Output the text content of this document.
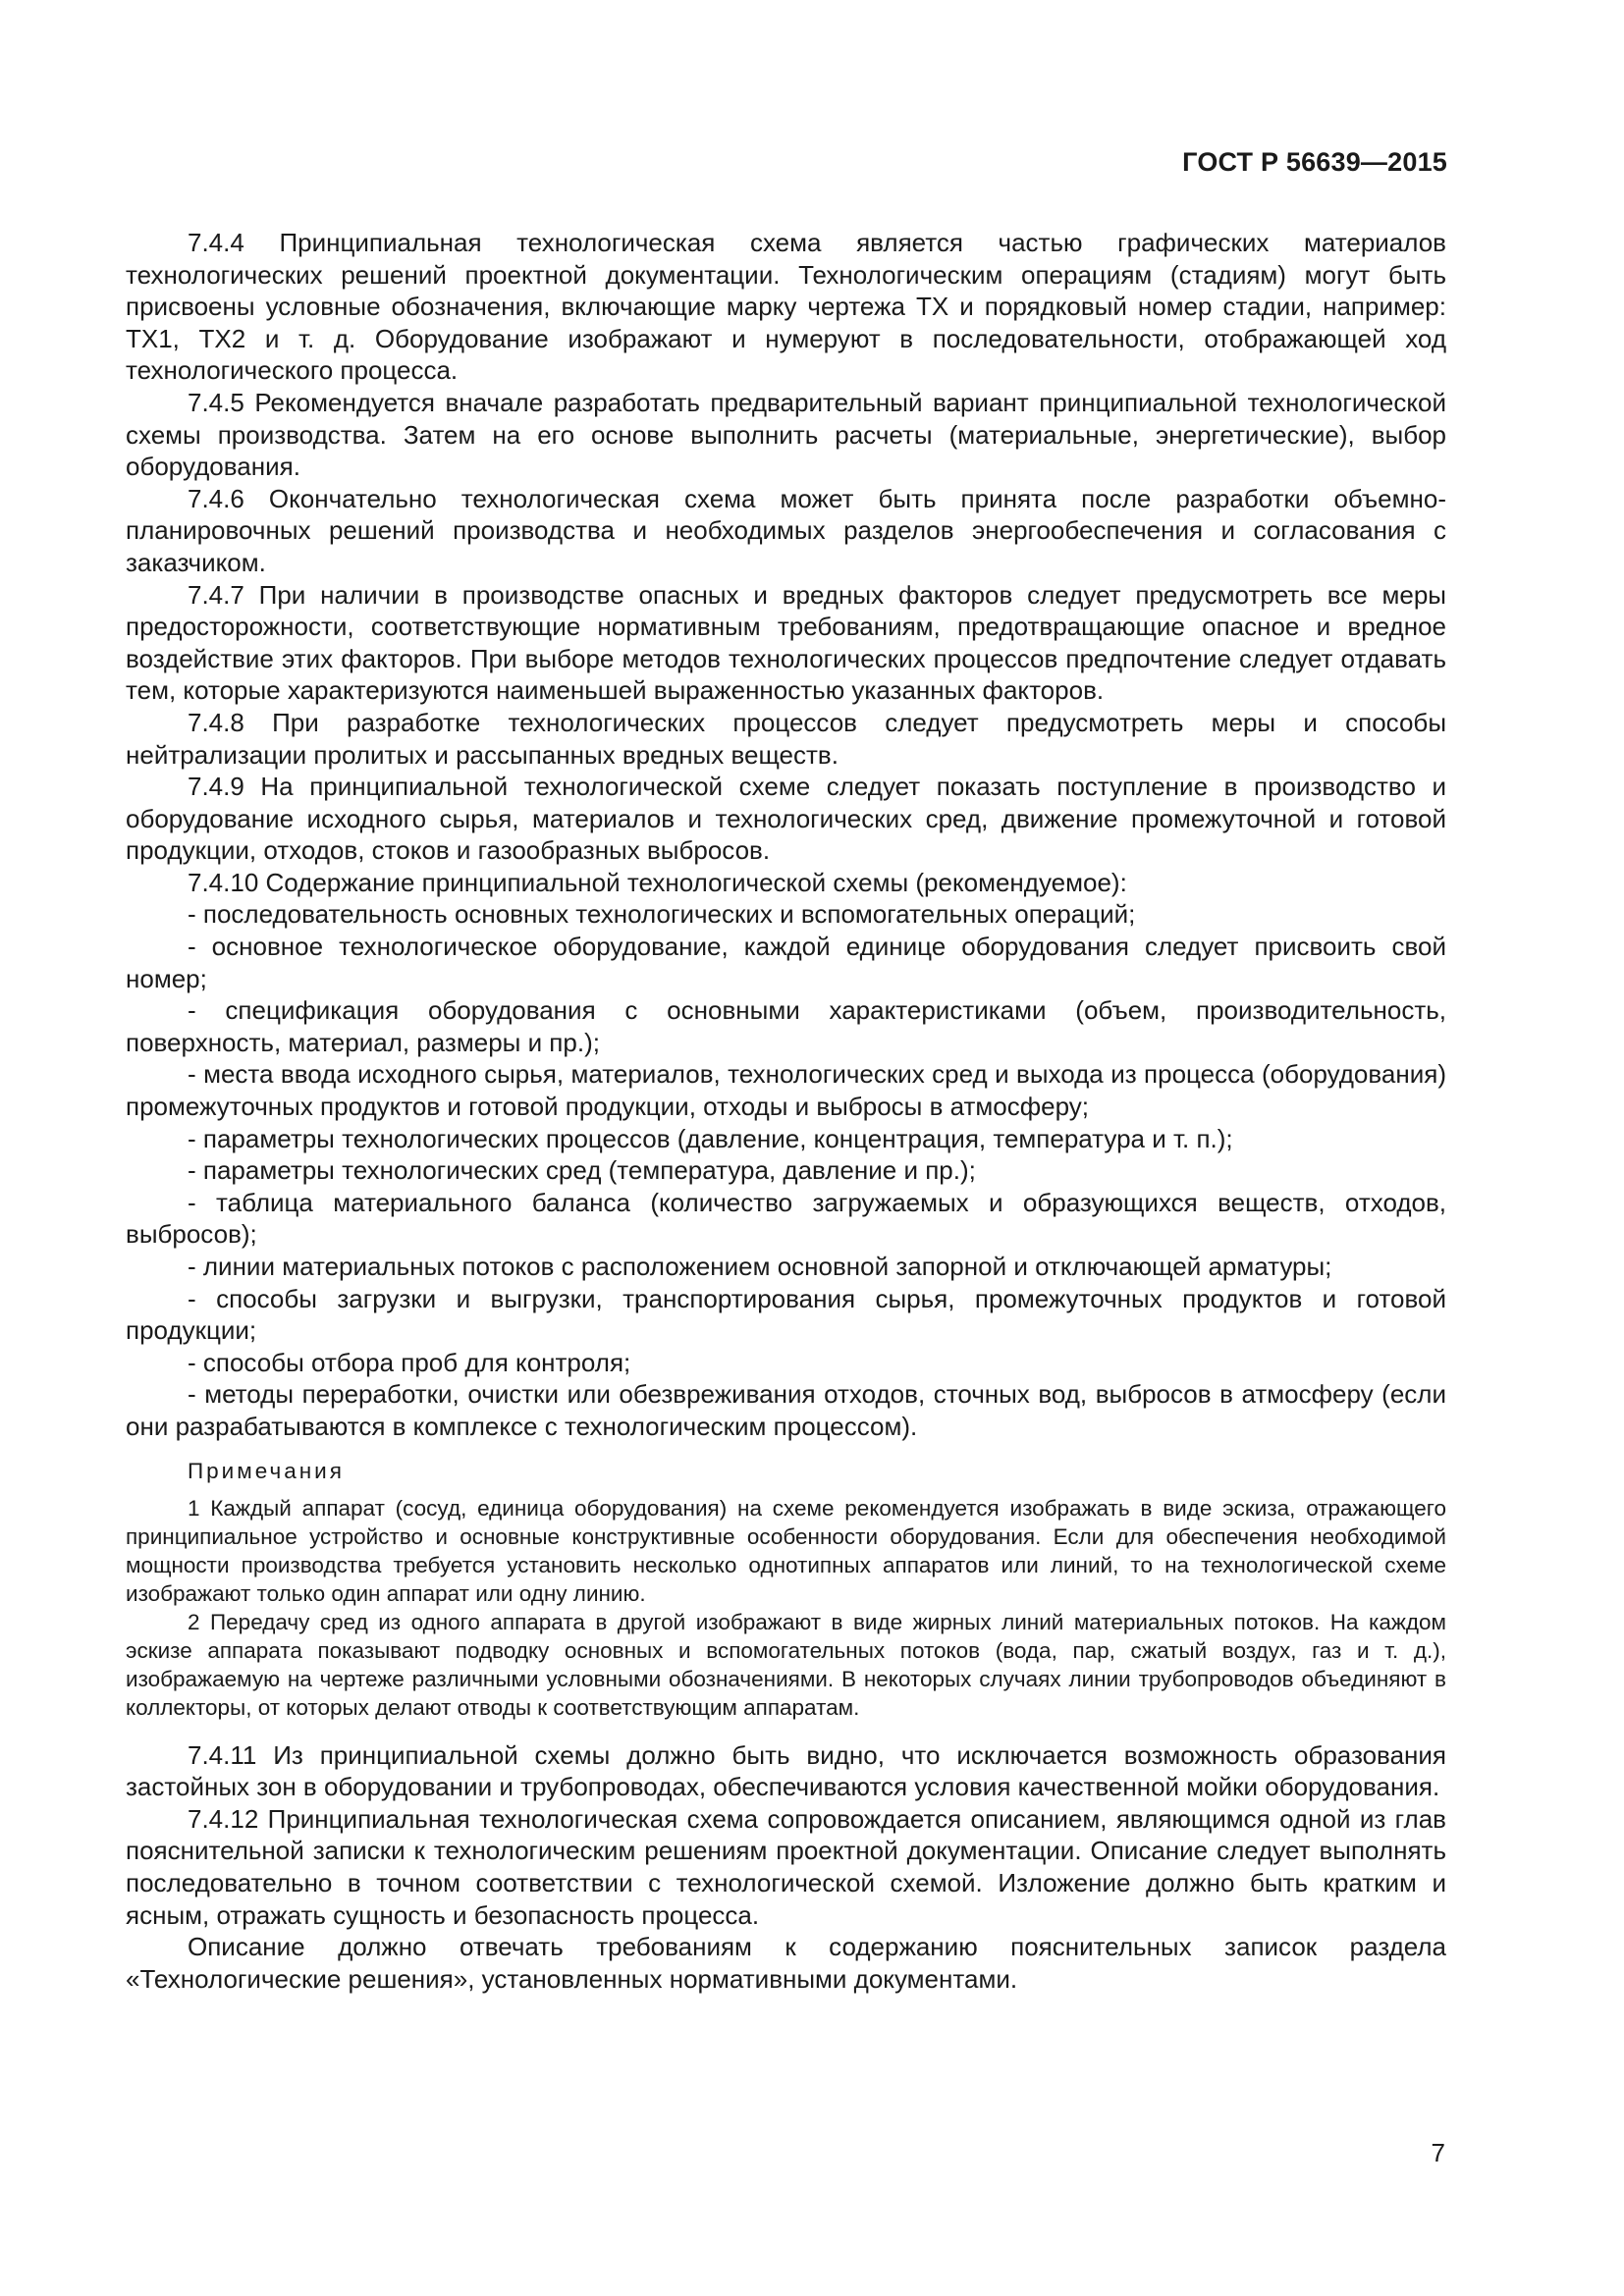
ГОСТ Р 56639—2015

7.4.4 Принципиальная технологическая схема является частью графических материалов технологических решений проектной документации. Технологическим операциям (стадиям) могут быть присвоены условные обозначения, включающие марку чертежа ТХ и порядковый номер стадии, например: ТХ1, ТХ2 и т. д. Оборудование изображают и нумеруют в последовательности, отображающей ход технологического процесса.

7.4.5 Рекомендуется вначале разработать предварительный вариант принципиальной технологической схемы производства. Затем на его основе выполнить расчеты (материальные, энергетические), выбор оборудования.

7.4.6 Окончательно технологическая схема может быть принята после разработки объемно-планировочных решений производства и необходимых разделов энергообеспечения и согласования с заказчиком.

7.4.7 При наличии в производстве опасных и вредных факторов следует предусмотреть все меры предосторожности, соответствующие нормативным требованиям, предотвращающие опасное и вредное воздействие этих факторов. При выборе методов технологических процессов предпочтение следует отдавать тем, которые характеризуются наименьшей выраженностью указанных факторов.

7.4.8 При разработке технологических процессов следует предусмотреть меры и способы нейтрализации пролитых и рассыпанных вредных веществ.

7.4.9 На принципиальной технологической схеме следует показать поступление в производство и оборудование исходного сырья, материалов и технологических сред, движение промежуточной и готовой продукции, отходов, стоков и газообразных выбросов.

7.4.10 Содержание принципиальной технологической схемы (рекомендуемое):

- последовательность основных технологических и вспомогательных операций;

- основное технологическое оборудование, каждой единице оборудования следует присвоить свой номер;

- спецификация оборудования с основными характеристиками (объем, производительность, поверхность, материал, размеры и пр.);

- места ввода исходного сырья, материалов, технологических сред и выхода из процесса (оборудования) промежуточных продуктов и готовой продукции, отходы и выбросы в атмосферу;

- параметры технологических процессов (давление, концентрация, температура и т. п.);

- параметры технологических сред (температура, давление и пр.);

- таблица материального баланса (количество загружаемых и образующихся веществ, отходов, выбросов);

- линии материальных потоков с расположением основной запорной и отключающей арматуры;

- способы загрузки и выгрузки, транспортирования сырья, промежуточных продуктов и готовой продукции;

- способы отбора проб для контроля;

- методы переработки, очистки или обезвреживания отходов, сточных вод, выбросов в атмосферу (если они разрабатываются в комплексе с технологическим процессом).

Примечания

1 Каждый аппарат (сосуд, единица оборудования) на схеме рекомендуется изображать в виде эскиза, отражающего принципиальное устройство и основные конструктивные особенности оборудования. Если для обеспечения необходимой мощности производства требуется установить несколько однотипных аппаратов или линий, то на технологической схеме изображают только один аппарат или одну линию.

2 Передачу сред из одного аппарата в другой изображают в виде жирных линий материальных потоков. На каждом эскизе аппарата показывают подводку основных и вспомогательных потоков (вода, пар, сжатый воздух, газ и т. д.), изображаемую на чертеже различными условными обозначениями. В некоторых случаях линии трубопроводов объединяют в коллекторы, от которых делают отводы к соответствующим аппаратам.

7.4.11 Из принципиальной схемы должно быть видно, что исключается возможность образования застойных зон в оборудовании и трубопроводах, обеспечиваются условия качественной мойки оборудования.

7.4.12 Принципиальная технологическая схема сопровождается описанием, являющимся одной из глав пояснительной записки к технологическим решениям проектной документации. Описание следует выполнять последовательно в точном соответствии с технологической схемой. Изложение должно быть кратким и ясным, отражать сущность и безопасность процесса.

Описание должно отвечать требованиям к содержанию пояснительных записок раздела «Технологические решения», установленных нормативными документами.

7
